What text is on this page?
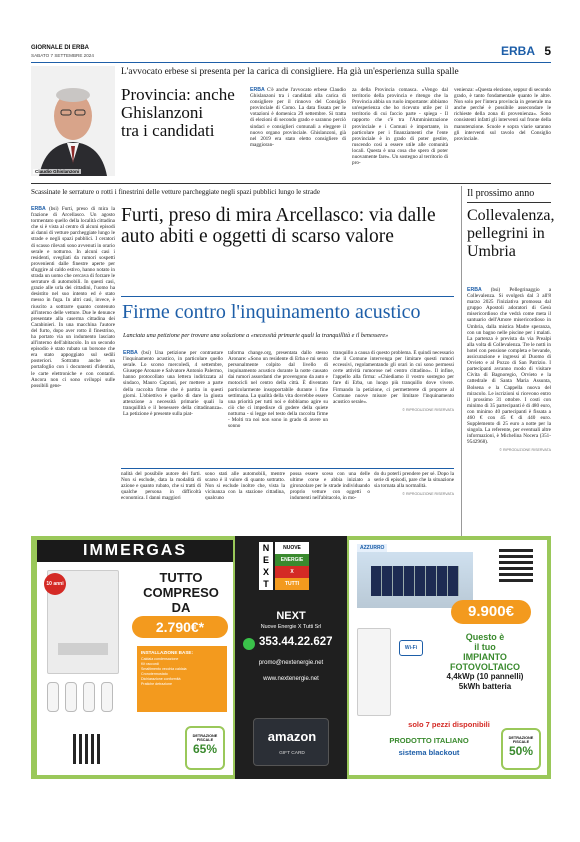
GIORNALE DI ERBA
SABATO 7 SETTEMBRE 2024	ERBA 5
Claudio Ghislanzoni
L'avvocato erbese si presenta per la carica di consigliere. Ha già un'esperienza sulla spalle
Provincia: anche
Ghislanzoni
tra i candidati
ERBA C'è anche l'avvocato erbese Claudio Ghislanzoni tra i candidati alla carica di consigliere per il rinnovo del Consiglio provinciale di Como. La data fissata per le votazioni è domenica 29 settembre. Si tratta di elezioni di secondo grado e saranno perciò sindaci e consiglieri comunali a eleggere il nuovo organo provinciale. Ghislanzoni, già nel 2019 era stato eletto consigliere di maggioran-
za della Provincia comasca. «Vengo dal territorio della provincia e ritengo che la Provincia abbia un ruolo importante: abbiamo un'esperienza che ho ricevuto utile per il territorio di cui faccio parte - spiega - Il rapporto che c'è tra l'Amministrazione provinciale e i Comuni è importante, in particolare per i finanziamenti che l'ente provinciale è in grado di poter gestire, ruscendo così a essere utile alle comunità locali. Questa è una cosa che spero di poter nuovamente fare». Un sostegno al territorio di pro-
venienza: «Questa elezione, seppur di secondo grado, è tanto fondamentale quanto le altre. Non solo per l'intera provincia in generale ma anche perché è possibile assecondare le richieste della zona di provenienza». Sono consistenti infatti gli interventi sul fronte della manutenzione. Scuole e sopra viarie saranno gli interventi sul tavolo del Consiglio provinciale.
Scassinate le serrature o rotti i finestrini delle vetture parcheggiate negli spazi pubblici lungo le strade
Furti, preso di mira Arcellasco: via dalle auto abiti e oggetti di scarso valore
ERBA (bsi) Furti, preso di mira la frazione di Arcellasco. Un agosto tormentato quello della località cittadina che si è vista al centro di alcuni episodi ai danni di vetture parcheggiate lungo le strade e negli spazi pubblici. I ceratori di scasso rilevati sono avvenuti in orario serale e notturno. In alcuni casi i residenti, svegliati da rumori sospetti provenienti dalle finestre aperte per sfuggire al caldo estivo, hanno notato in strada un uomo che cercava di forzare le serrature di automobili. In questi casi, grazie alle urla dei cittadini, l'uomo ha desistito nel suo intento ed è stato messo in fuga. In altri casi, invece, è riuscito a sottrarre quanto contenuto all'interno delle vetture. Due le denunce presentate alla caserma cittadina dei Carabinieri. In una macchina l'autore del furto, dopo aver rotto il finestrino, ha portato via un indumento lasciato all'interno dell'abitacolo. In un secondo episodio è stato rubato un borsone che era stato appoggiato sul sedili posteriori. Sottratto anche un portafoglio con i documenti d'identità, le carte elettroniche e con contanti. Ancora non ci sono sviluppi sulle possibili gene-
Firme contro l'inquinamento acustico
Lanciata una petizione per trovare una soluzione a «necessità primarie quali la tranquillità e il benessere»
ERBA (bsi) Una petizione per contrastare l'inquinamento acustico, in particolare quello serale. Lo scorso mercoledì, 4 settembre, Giuseppe Aronare e Salvatore Antonio Palermo, hanno protocollato una lettera indirizzata al sindaco, Mauro Caprani, per mettere a parte della raccolta firme che è partita in questi giorni. L'obiettivo è quello di dare la giusta attenzione a necessità primarie quali la tranquillità e il benessere della cittadinanza». La petizione è presente sulla piat-
taforma change.org, presentata dallo stesso Aronare: «Sono un residente di Erba e mi sento personalmente colpito dal livello di inquinamento acustico durante la notte causato dai rumori assordanti che provengono da auto e motocicli nel centro della città. È diventato particolarmente insopportabile durante i fine settimana. La qualità della vita dovrebbe essere una priorità per tutti noi e dobbiamo agire su ciò che ci impedisce di godere della quiete notturna - si legge nel testo della raccolta firme - Molti tra noi non sono in grado di avere un sonno
tranquillo a causa di questo problema. È quindi necessario che il Comune intervenga per limitare questi rumori eccessivi, regolamentando gli orari in cui sono permessi certe attività rumorose nel centro cittadino». Il infine, l'appello alla firma: «Chiediamo il vostro sostegno per fare di Erba, un luogo più tranquillo dove vivere. Firmando la petizione, ci permetterete di proporre al Comune nuove misure per limitare l'inquinamento acustico serale».
© RIPRODUZIONE RISERVATA
nalità del possibile autore dei furti. Non si esclude, data la modalità di azione e quanto rubato, che si tratti di qualche persona in difficoltà economica. I danni maggiori
sono stati alle automobili, mentre scarso è il valore di quanto sottratto. Non si esclude inoltre che, vista la vicinanza con la stazione cittadina, qualcuno
possa essere sceso con una delle ultime corse e abbia iniziato a gironzolare per le strade individuando proprio vetture con oggetti o indumenti nell'abitacolo, in mo-
do du poterli prendere per sé. Dopo la serie di episodi, pare che la situazione sia tornata alla normalità.
© RIPRODUZIONE RISERVATA
Il prossimo anno
Collevalenza, pellegrini in Umbria
ERBA (bsi) Pellegrinaggio a Collevalenza. Si svolgerà dal 3 all'8 marzo 2025 l'iniziativa promossa dal gruppo Apostoli adoratori di Gesù misericordioso che vedrà come meta il santuario dell'Amore misericordioso in Umbria, dalla mistica Madre speranza, con un bagno nelle piscine per i malati. La partenza è prevista da via Prealpi alla volta di Collevalenza. Tre le notti in hotel con pensione completa e bevande, assicurazione e ingressi al Duomo di Orvieto e al Pozzo di San Patrizio. I partecipanti avranno modo di visitare Civita di Bagnoregio, Orvieto e la cattedrale di Santa Maria Assunta, Bolsena e la Cappella nuova del miracolo. Le iscrizioni si ricevono entro il prossimo 31 ottobre. I costi con minimo di 35 partecipanti è di 480 euro, con minimo 40 partecipanti è fissata a 460 € con 45 € di 440 euro. Supplemento di 25 euro a notte per la singola. La referente, per eventuali altre informazioni, è Michelina Nocera (351-9542968).
© RIPRODUZIONE RISERVATA
IMMERGAS
10 anni	TUTTO COMPRESO DA
2.790€*
INSTALLAZIONE BASE:
Caldaia condensazione
Kit raccordi
Smaltimento vecchia caldaia
Cronotermostato
Dichiarazione conformità
Pratiche detrazione
DETRAZIONE FISCALE
65%
N
E
X
T
NUOVE
ENERGIE
X
TUTTI
NEXT
Nuove Energie X Tutti Srl
353.44.22.627
promo@nextenergie.net
www.nextenergie.net
amazon
GIFT CARD
AZZURRO
9.900€
Wi-Fi
Questo è
il tuo
IMPIANTO
FOTOVOLTAICO
4,4kWp (10 pannelli)
5kWh batteria
solo 7 pezzi disponibili
PRODOTTO ITALIANO
sistema blackout
DETRAZIONE FISCALE
50%
